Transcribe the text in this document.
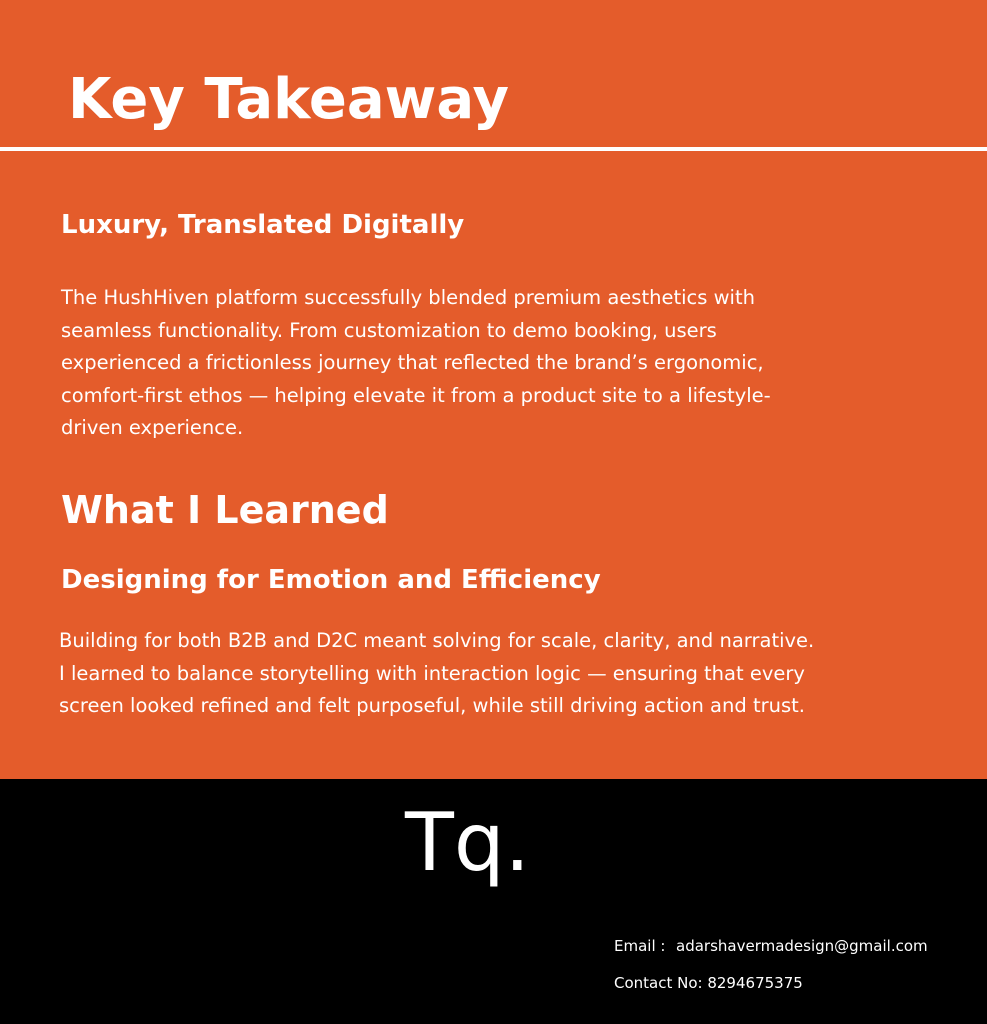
Key Takeaway
Luxury, Translated Digitally

The HushHiven platform successfully blended premium aesthetics with
seamless functionality. From customization to demo booking, users
experienced a frictionless journey that reflected the brand’s ergonomic,
comfort-first ethos — helping elevate it from a product site to a lifestyle-
driven experience.

What I Learned
Designing for Emotion and Efficiency

Building for both B2B and D2C meant solving for scale, clarity, and narrative.
I learned to balance storytelling with interaction logic — ensuring that every
screen looked refined and felt purposeful, while still driving action and trust.

Tq.
Email : adarshavermadesign@gmail.com
Contact No: 8294675375
